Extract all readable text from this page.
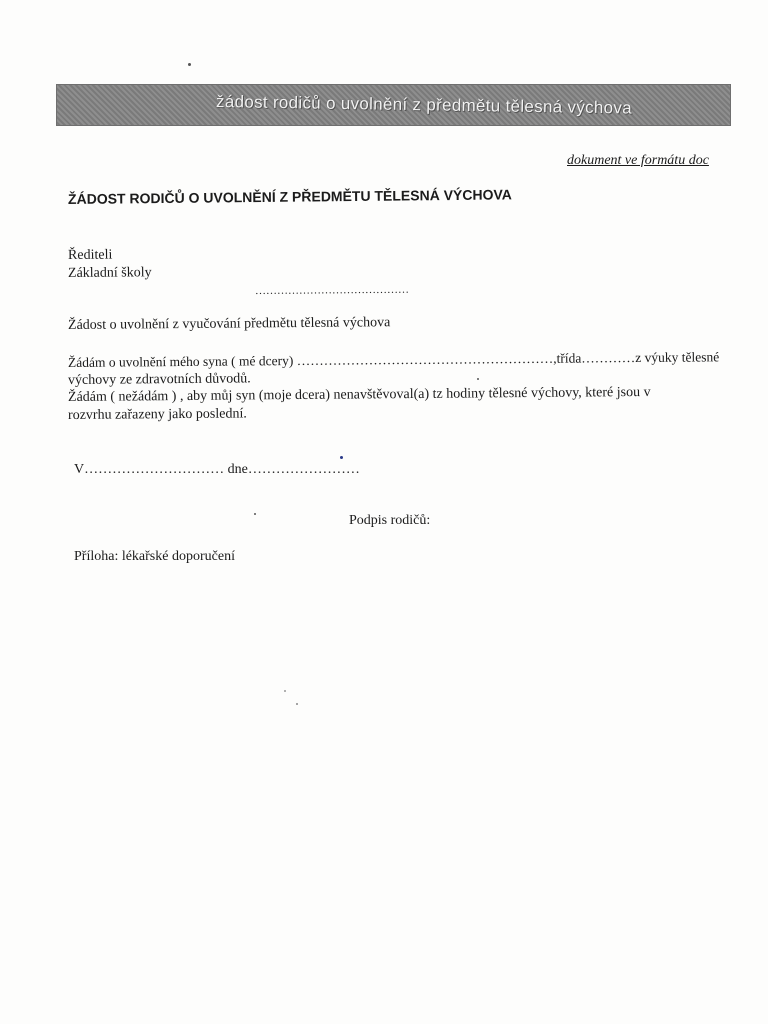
žádost rodičů o uvolnění z předmětu tělesná výchova
dokument ve formátu doc
ŽÁDOST RODIČŮ O UVOLNĚNÍ Z PŘEDMĚTU TĚLESNÁ VÝCHOVA
Řediteli
Základní školy
……………………………………
Žádost o uvolnění z vyučování předmětu tělesná výchova
Žádám o uvolnění mého syna ( mé dcery) …………………………………………………,třída…………z výuky tělesné
výchovy ze zdravotních důvodů.
Žádám ( nežádám ) , aby můj syn (moje dcera) nenavštěvoval(a) tz hodiny tělesné výchovy, které jsou v
rozvrhu zařazeny jako poslední.
V………………………… dne……………………
Podpis rodičů:
Příloha: lékařské doporučení
